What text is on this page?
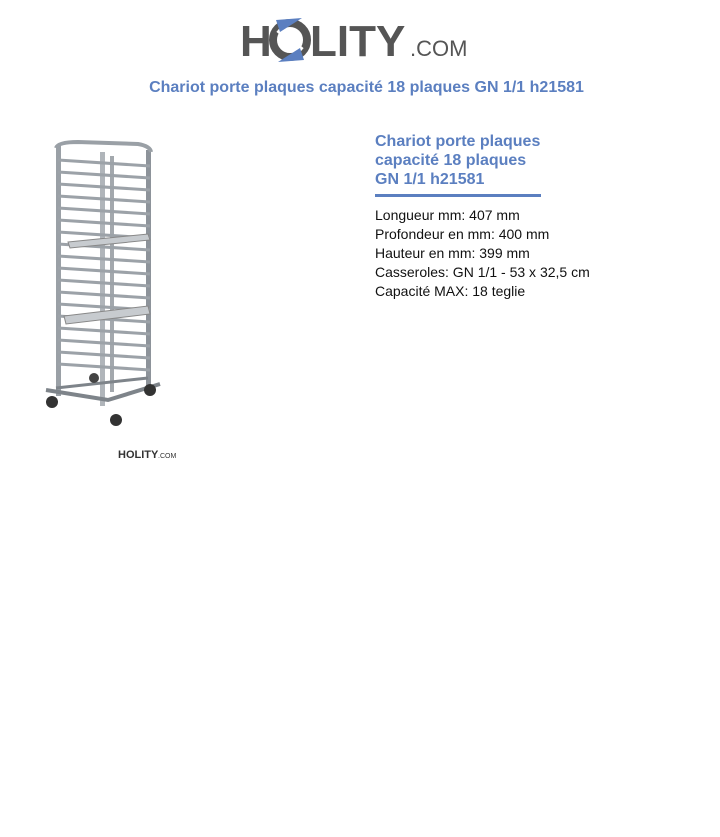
H LITY .COM
Chariot porte plaques capacité 18 plaques GN 1/1 h21581
HOLITY .COM
Chariot porte plaques
capacité 18 plaques
GN 1/1 h21581

Longueur mm: 407 mm

Profondeur en mm: 400 mm

Hauteur en mm: 399 mm

Casseroles: GN 1/1 - 53 x 32,5 cm

Capacité MAX: 18 teglie
